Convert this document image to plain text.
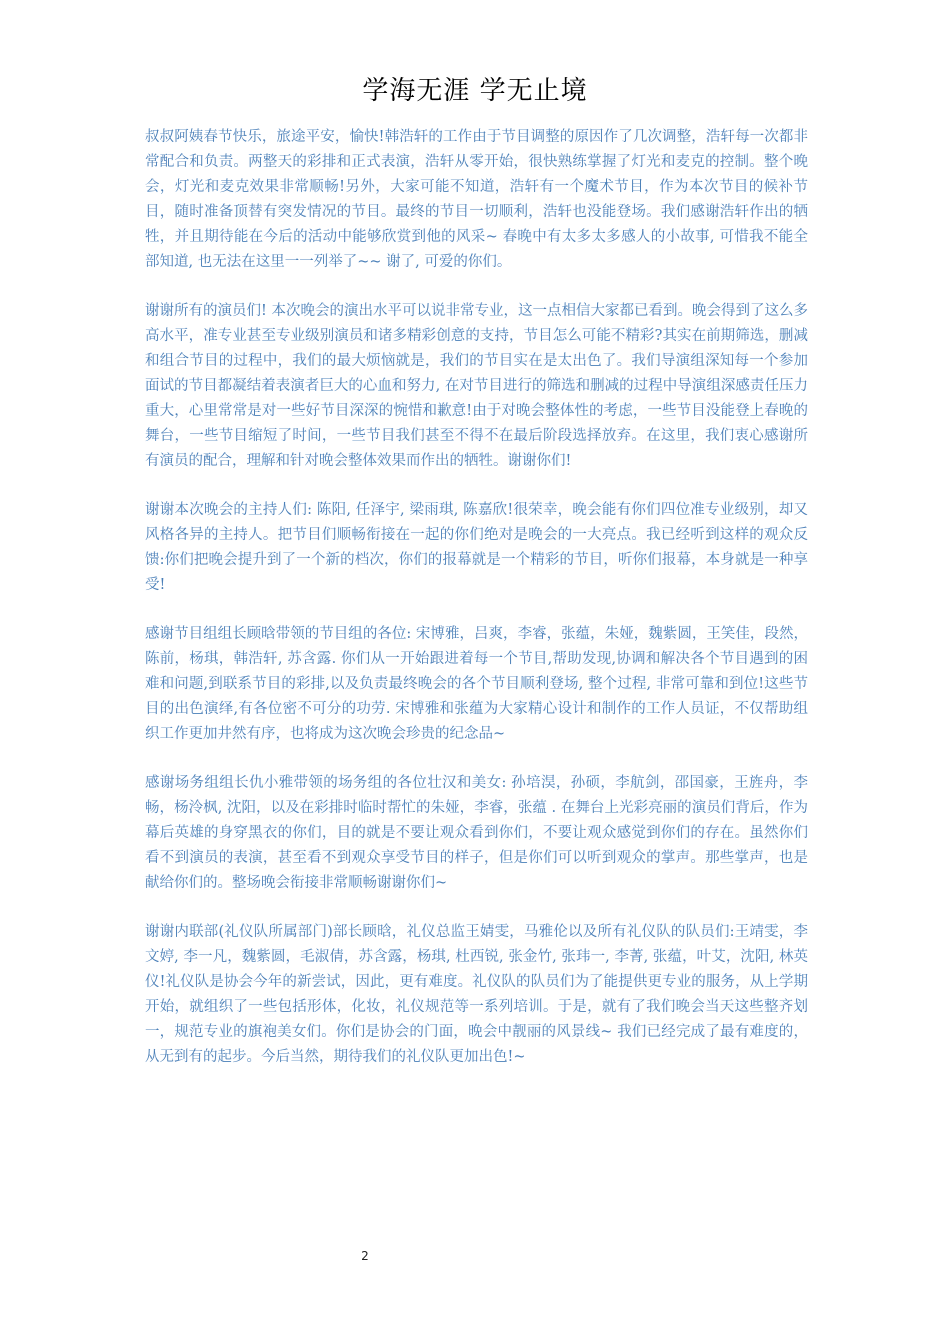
学海无涯 学无止境

叔叔阿姨春节快乐，旅途平安，愉快!韩浩轩的工作由于节目调整的原因作了几次调整，浩轩每一次都非常配合和负责。两整天的彩排和正式表演，浩轩从零开始，很快熟练掌握了灯光和麦克的控制。整个晚会，灯光和麦克效果非常顺畅!另外，大家可能不知道，浩轩有一个魔术节目，作为本次节目的候补节目，随时准备顶替有突发情况的节目。最终的节目一切顺利，浩轩也没能登场。我们感谢浩轩作出的牺牲，并且期待能在今后的活动中能够欣赏到他的风采~ 春晚中有太多太多感人的小故事, 可惜我不能全部知道, 也无法在这里一一列举了~~ 谢了, 可爱的你们。

谢谢所有的演员们! 本次晚会的演出水平可以说非常专业，这一点相信大家都已看到。晚会得到了这么多高水平，准专业甚至专业级别演员和诸多精彩创意的支持，节目怎么可能不精彩?其实在前期筛选，删减和组合节目的过程中，我们的最大烦恼就是，我们的节目实在是太出色了。我们导演组深知每一个参加面试的节目都凝结着表演者巨大的心血和努力, 在对节目进行的筛选和删减的过程中导演组深感责任压力重大，心里常常是对一些好节目深深的惋惜和歉意!由于对晚会整体性的考虑，一些节目没能登上春晚的舞台，一些节目缩短了时间，一些节目我们甚至不得不在最后阶段选择放弃。在这里，我们衷心感谢所有演员的配合，理解和针对晚会整体效果而作出的牺牲。谢谢你们!

谢谢本次晚会的主持人们: 陈阳, 任泽宇, 梁雨琪, 陈嘉欣!很荣幸，晚会能有你们四位准专业级别，却又风格各异的主持人。把节目们顺畅衔接在一起的你们绝对是晚会的一大亮点。我已经听到这样的观众反馈:你们把晚会提升到了一个新的档次，你们的报幕就是一个精彩的节目，听你们报幕，本身就是一种享受!

感谢节目组组长顾晗带领的节目组的各位: 宋博雅，吕爽，李睿，张蕴，朱娅，魏紫圆，王笑佳，段然，陈前，杨琪，韩浩轩, 苏含露. 你们从一开始跟进着每一个节目,帮助发现,协调和解决各个节目遇到的困难和问题,到联系节目的彩排,以及负责最终晚会的各个节目顺利登场, 整个过程, 非常可靠和到位!这些节目的出色演绎,有各位密不可分的功劳. 宋博雅和张蕴为大家精心设计和制作的工作人员证，不仅帮助组织工作更加井然有序，也将成为这次晚会珍贵的纪念品~

感谢场务组组长仇小雅带领的场务组的各位壮汉和美女: 孙培淏，孙硕，李航剑，邵国豪，王旌舟，李畅，杨泠枫, 沈阳，以及在彩排时临时帮忙的朱娅，李睿，张蕴 . 在舞台上光彩亮丽的演员们背后，作为幕后英雄的身穿黑衣的你们，目的就是不要让观众看到你们，不要让观众感觉到你们的存在。虽然你们看不到演员的表演，甚至看不到观众享受节目的样子，但是你们可以听到观众的掌声。那些掌声，也是献给你们的。整场晚会衔接非常顺畅谢谢你们~

谢谢内联部(礼仪队所属部门)部长顾晗，礼仪总监王婧雯，马雅伦以及所有礼仪队的队员们:王靖雯，李文婷, 李一凡，魏紫圆，毛淑倩，苏含露，杨琪, 杜西锐, 张金竹, 张玮一, 李菁, 张蕴，叶艾，沈阳, 林英仪!礼仪队是协会今年的新尝试，因此，更有难度。礼仪队的队员们为了能提供更专业的服务，从上学期开始，就组织了一些包括形体，化妆，礼仪规范等一系列培训。于是，就有了我们晚会当天这些整齐划一，规范专业的旗袍美女们。你们是协会的门面，晚会中靓丽的风景线~ 我们已经完成了最有难度的，从无到有的起步。今后当然，期待我们的礼仪队更加出色!~

2
